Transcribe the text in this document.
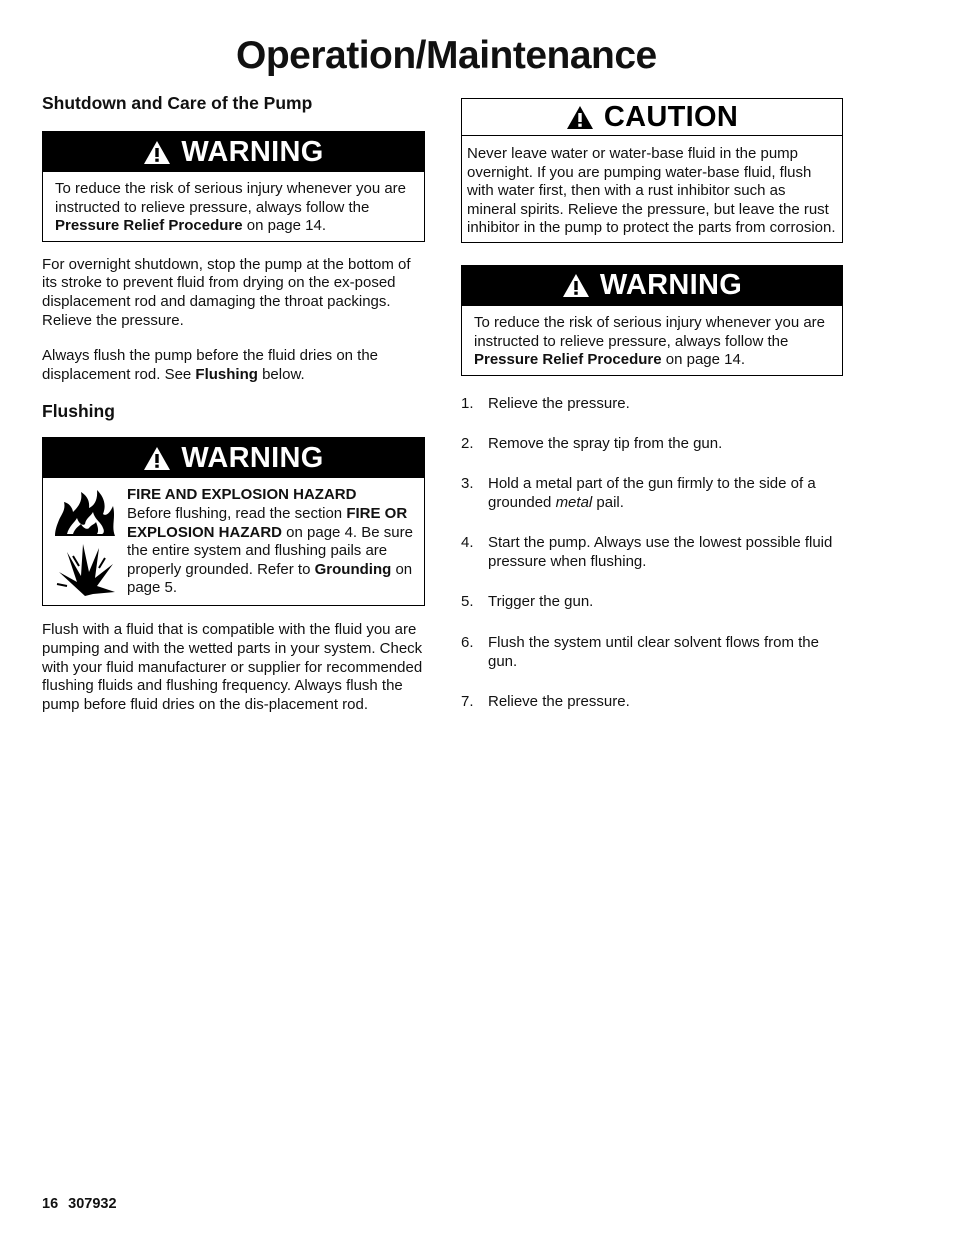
Operation/Maintenance
Shutdown and Care of the Pump
WARNING
To reduce the risk of serious injury whenever you are instructed to relieve pressure, always follow the Pressure Relief Procedure on page 14.

For overnight shutdown, stop the pump at the bottom of its stroke to prevent fluid from drying on the ex-posed displacement rod and damaging the throat packings. Relieve the pressure.

Always flush the pump before the fluid dries on the displacement rod. See Flushing below.

Flushing
WARNING
FIRE AND EXPLOSION HAZARD
Before flushing, read the section FIRE OR EXPLOSION HAZARD on page 4. Be sure the entire system and flushing pails are properly grounded. Refer to Grounding on page 5.

Flush with a fluid that is compatible with the fluid you are pumping and with the wetted parts in your system. Check with your fluid manufacturer or supplier for recommended flushing fluids and flushing frequency. Always flush the pump before fluid dries on the dis-placement rod.

CAUTION
Never leave water or water-base fluid in the pump overnight. If you are pumping water-base fluid, flush with water first, then with a rust inhibitor such as mineral spirits. Relieve the pressure, but leave the rust inhibitor in the pump to protect the parts from corrosion.
WARNING
To reduce the risk of serious injury whenever you are instructed to relieve pressure, always follow the Pressure Relief Procedure on page 14.
1. Relieve the pressure.
2. Remove the spray tip from the gun.
3. Hold a metal part of the gun firmly to the side of a grounded metal pail.
4. Start the pump. Always use the lowest possible fluid pressure when flushing.
5. Trigger the gun.
6. Flush the system until clear solvent flows from the gun.
7. Relieve the pressure.
16 307932
